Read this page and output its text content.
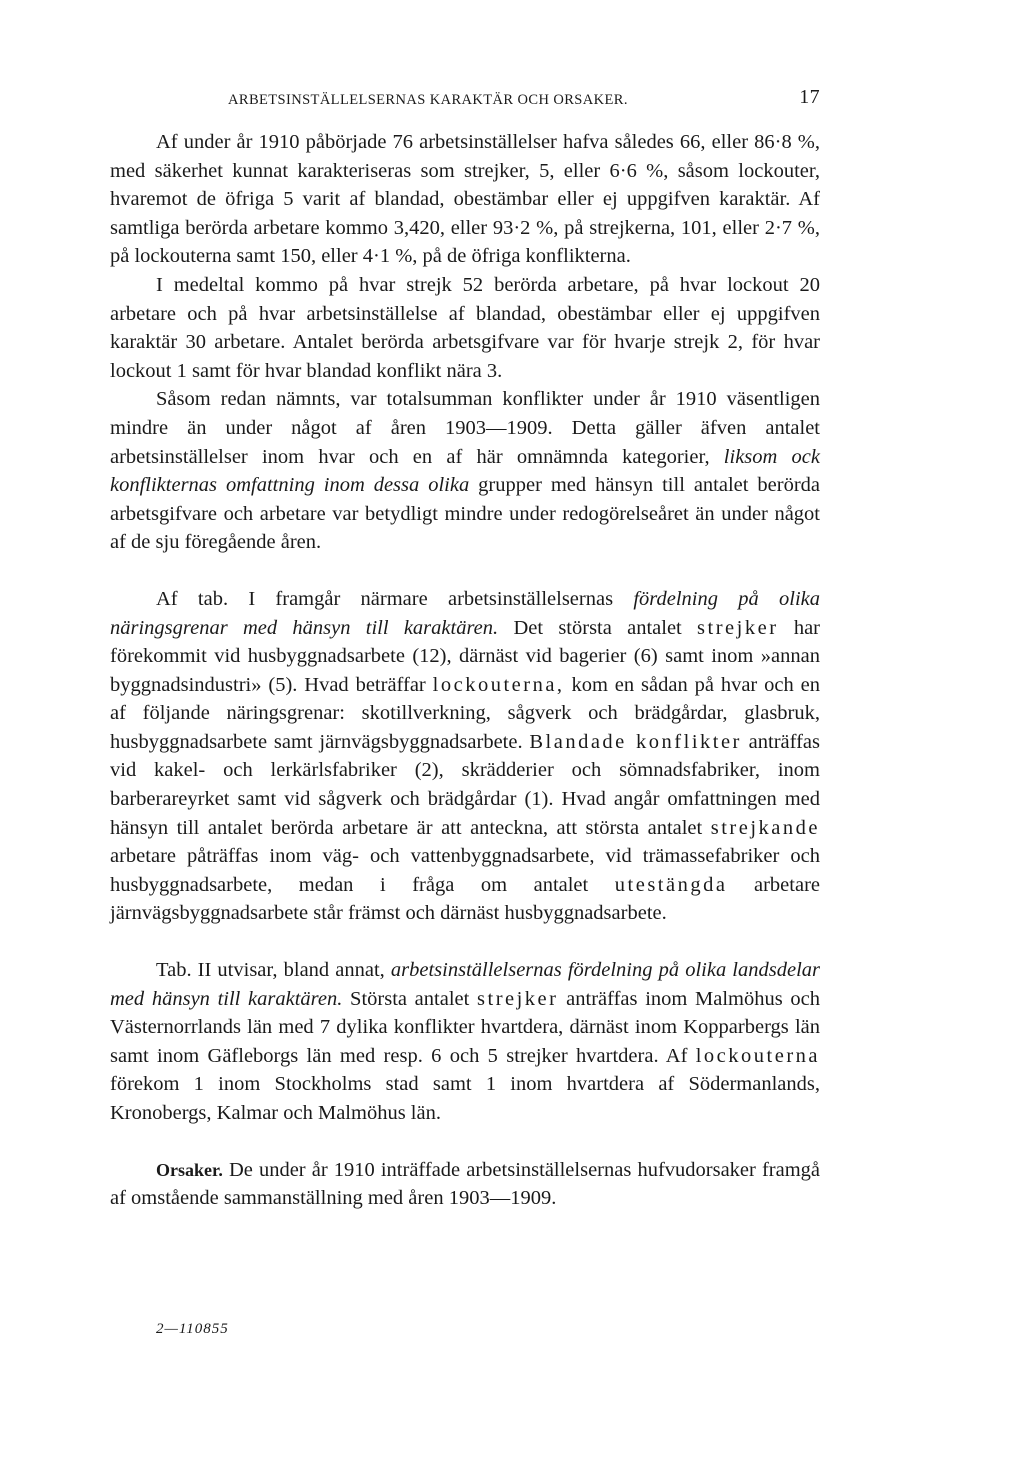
ARBETSINSTÄLLELSERNAS KARAKTÄR OCH ORSAKER.	17

Af under år 1910 påbörjade 76 arbetsinställelser hafva således 66, eller 86·8 %, med säkerhet kunnat karakteriseras som strejker, 5, eller 6·6 %, såsom lockouter, hvaremot de öfriga 5 varit af blandad, obestämbar eller ej uppgifven karaktär. Af samtliga berörda arbetare kommo 3,420, eller 93·2 %, på strejkerna, 101, eller 2·7 %, på lockouterna samt 150, eller 4·1 %, på de öfriga konflikterna.

I medeltal kommo på hvar strejk 52 berörda arbetare, på hvar lockout 20 arbetare och på hvar arbetsinställelse af blandad, obestämbar eller ej uppgifven karaktär 30 arbetare. Antalet berörda arbetsgifvare var för hvarje strejk 2, för hvar lockout 1 samt för hvar blandad konflikt nära 3.

Såsom redan nämnts, var totalsumman konflikter under år 1910 väsentligen mindre än under något af åren 1903—1909. Detta gäller äfven antalet arbetsinställelser inom hvar och en af här omnämnda kategorier, liksom ock konflikternas omfattning inom dessa olika grupper med hänsyn till antalet berörda arbetsgifvare och arbetare var betydligt mindre under redogörelseåret än under något af de sju föregående åren.

Af tab. I framgår närmare arbetsinställelsernas fördelning på olika näringsgrenar med hänsyn till karaktären. Det största antalet strejker har förekommit vid husbyggnadsarbete (12), därnäst vid bagerier (6) samt inom »annan byggnadsindustri» (5). Hvad beträffar lockouterna, kom en sådan på hvar och en af följande näringsgrenar: skotillverkning, sågverk och brädgårdar, glasbruk, husbyggnadsarbete samt järnvägsbyggnadsarbete. Blandade konflikter anträffas vid kakel- och lerkärlsfabriker (2), skrädderier och sömnadsfabriker, inom barberareyrket samt vid sågverk och brädgårdar (1). Hvad angår omfattningen med hänsyn till antalet berörda arbetare är att anteckna, att största antalet strejkande arbetare påträffas inom väg- och vattenbyggnadsarbete, vid trämassefabriker och husbyggnadsarbete, medan i fråga om antalet utestängda arbetare järnvägsbyggnadsarbete står främst och därnäst husbyggnadsarbete.

Tab. II utvisar, bland annat, arbetsinställelsernas fördelning på olika landsdelar med hänsyn till karaktären. Största antalet strejker anträffas inom Malmöhus och Västernorrlands län med 7 dylika konflikter hvartdera, därnäst inom Kopparbergs län samt inom Gäfleborgs län med resp. 6 och 5 strejker hvartdera. Af lockouterna förekom 1 inom Stockholms stad samt 1 inom hvartdera af Södermanlands, Kronobergs, Kalmar och Malmöhus län.

Orsaker. De under år 1910 inträffade arbetsinställelsernas hufvudorsaker framgå af omstående sammanställning med åren 1903—1909.

2—110855
